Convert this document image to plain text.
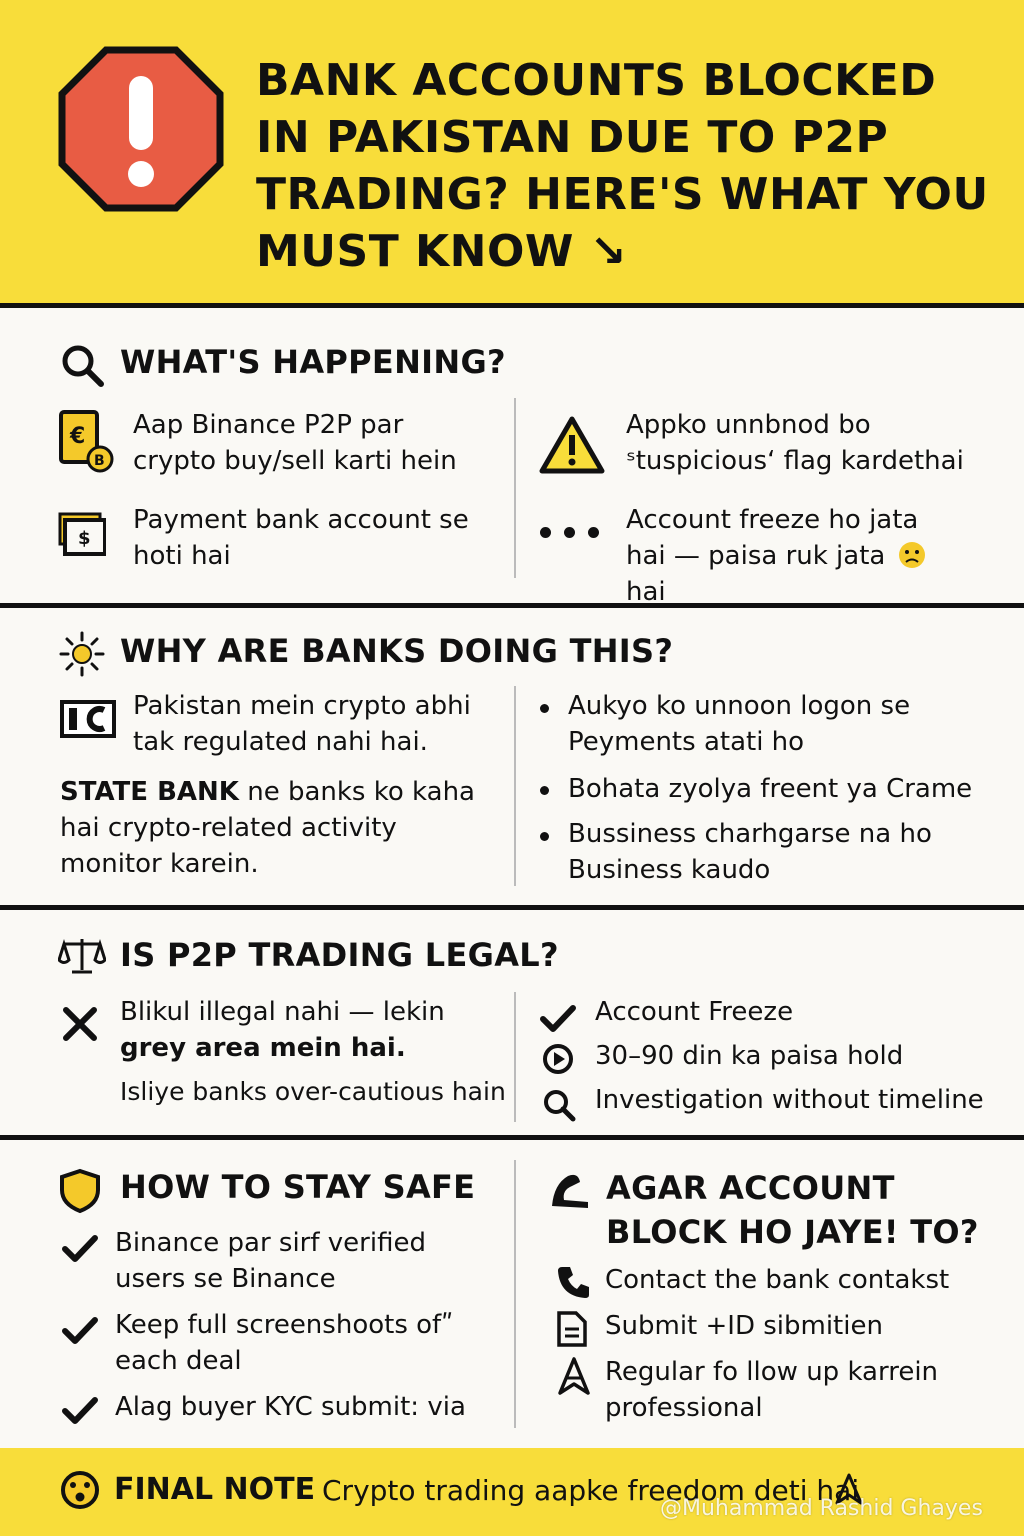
BANK ACCOUNTS BLOCKED IN PAKISTAN DUE TO P2P TRADING? HERE'S WHAT YOU MUST KNOW ↘
WHAT'S HAPPENING?
€
B
Aap Binance P2P par crypto buy/sell karti hein
$
Payment bank account se hoti hai
Appko unnbnod bo ˢtuspicious‘ flag kardethai
Account freeze ho jata hai — paisa ruk jata hai
WHY ARE BANKS DOING THIS?
Pakistan mein crypto abhi tak regulated nahi hai.
STATE BANK ne banks ko kaha hai crypto-related activity monitor karein.
Aukyo ko unnoon logon se Peyments atati ho
Bohata zyolya freent ya Crame
Bussiness charhgarse na ho Business kaudo
IS P2P TRADING LEGAL?
Blikul illegal nahi — lekin
grey area mein hai.
Isliye banks over-cautious hain
Account Freeze
30–90 din ka paisa hold
Investigation without timeline
HOW TO STAY SAFE
Binance par sirf verified users se Binance
Keep full screenshoots ofʺ each deal
Alag buyer KYC submit: via
AGAR ACCOUNT BLOCK HO JAYE! TO?
Contact the bank contakst
Submit +ID sibmitien
Regular fo llow up karrein professional
FINAL NOTE Crypto trading aapke freedom deti hai
@Muhammad Rashid Ghayes
